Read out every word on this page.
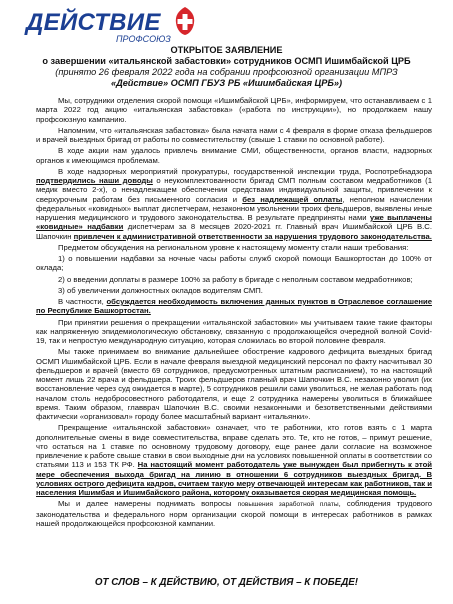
ДЕЙСТВИЕ
ПРОФСОЮЗ
ОТКРЫТОЕ ЗАЯВЛЕНИЕ
о завершении «итальянской забастовки» сотрудников ОСМП Ишимбайской ЦРБ
(принято 26 февраля 2022 года на собрании профсоюзной организации МПРЗ
«Действие» ОСМП ГБУЗ РБ «Ишимбайская ЦРБ»)

Мы, сотрудники отделения скорой помощи «Ишимбайской ЦРБ», информируем, что останавливаем с 1 марта 2022 год акцию «итальянская забастовка» («работа по инструкции»), но продолжаем нашу профсоюзную кампанию.

Напомним, что «итальянская забастовка» была начата нами с 4 февраля в форме отказа фельдшеров и врачей выездных бригад от работы по совместительству (свыше 1 ставки по основной работе).

В ходе акции нам удалось привлечь внимание СМИ, общественности, органов власти, надзорных органов к имеющимся проблемам.

В ходе надзорных мероприятий прокуратуры, государственной инспекции труда, Роспотребнадзора подтвердились наши доводы о неукомплектованности бригад СМП полным составом медработников (1 медик вместо 2-х), о ненадлежащем обеспечении средствами индивидуальной защиты, привлечении к сверхурочным работам без письменного согласия и без надлежащей оплаты, неполном начислении федеральных «ковидных» выплат диспетчерам, незаконном увольнении троих фельдшеров, выявлены иные нарушения медицинского и трудового законодательства. В результате предприняты нами уже выплачены «ковидные» надбавки диспетчерам за 8 месяцев 2020-2021 гг. Главный врач Ишимбайской ЦРБ В.С. Шапочкин привлечен к административной ответственности за нарушения трудового законодательства.

Предметом обсуждения на региональном уровне к настоящему моменту стали наши требования:

1) о повышении надбавки за ночные часы работы служб скорой помощи Башкортостан до 100% от оклада;

2) о введении доплаты в размере 100% за работу в бригаде с неполным составом медработников;

3) об увеличении должностных окладов водителям СМП.

В частности, обсуждается необходимость включения данных пунктов в Отраслевое соглашение по Республике Башкортостан.

При принятии решения о прекращении «итальянской забастовки» мы учитываем такие такие факторы как напряженную эпидемиологическую обстановку, связанную с продолжающейся очередной волной Covid-19, так и непростую международную ситуацию, которая сложилась во второй половине февраля.

Мы также принимаем во внимание дальнейшее обострение кадрового дефицита выездных бригад ОСМП Ишимбайской ЦРБ. Если в начале февраля выездной медицинский персонал по факту насчитывал 30 фельдшеров и врачей (вместо 69 сотрудников, предусмотренных штатным расписанием), то на настоящий момент лишь 22 врача и фельдшера. Троих фельдшеров главный врач Шапочкин В.С. незаконно уволил (их восстановление через суд ожидается в марте), 5 сотрудников решили сами уволиться, не желая работать под началом столь недобросовестного работодателя, и еще 2 сотрудника намерены уволиться в ближайшее время. Таким образом, главврач Шапочкин В.С. своими незаконными и безответственными действиями фактически «организовал» городу более масштабный вариант «итальянки».

Прекращение «итальянской забастовки» означает, что те работники, кто готов взять с 1 марта дополнительные смены в виде совместительства, вправе сделать это. Те, кто не готов, – примут решение, что остаться на 1 ставке по основному трудовому договору, еще ранее дали согласие на возможное привлечение к работе свыше ставки в свои выходные дни на условиях повышенной оплаты в соответствии со статьями 113 и 153 ТК РФ. На настоящий момент работодатель уже вынужден был прибегнуть к этой мере обеспечения выхода бригад на линию в отношении 6 сотрудников выездных бригад. В условиях острого дефицита кадров, считаем такую меру отвечающей интересам как работников, так и населения Ишимбая и Ишимбайского района, которому оказывается скорая медицинская помощь.

Мы и далее намерены поднимать вопросы повышения заработной платы, соблюдения трудового законодательства и федерального норм организации скорой помощи в интересах работников в рамках нашей продолжающейся профсоюзной кампании.

ОТ СЛОВ – К ДЕЙСТВИЮ, ОТ ДЕЙСТВИЯ – К ПОБЕДЕ!
